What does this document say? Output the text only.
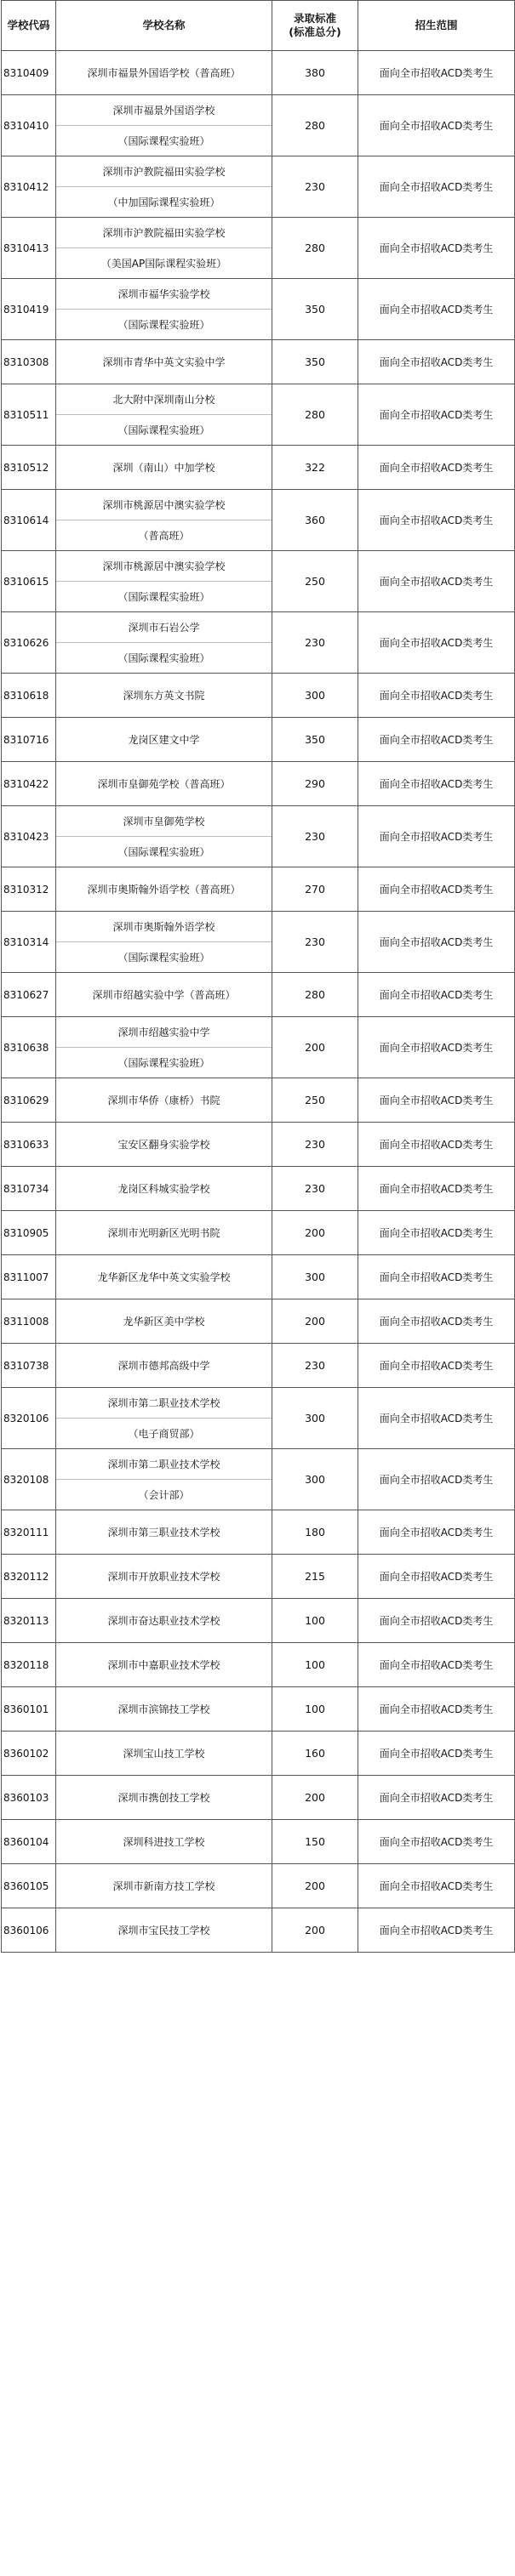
学校代码	学校名称	录取标准
(标准总分)	招生范围
8310409	深圳市福景外国语学校（普高班）	380	面向全市招收ACD类考生
8310410	深圳市福景外国语学校
（国际课程实验班）	280	面向全市招收ACD类考生
8310412	深圳市沪教院福田实验学校
（中加国际课程实验班）	230	面向全市招收ACD类考生
8310413	深圳市沪教院福田实验学校
（美国AP国际课程实验班）	280	面向全市招收ACD类考生
8310419	深圳市福华实验学校
（国际课程实验班）	350	面向全市招收ACD类考生
8310308	深圳市青华中英文实验中学	350	面向全市招收ACD类考生
8310511	北大附中深圳南山分校
（国际课程实验班）	280	面向全市招收ACD类考生
8310512	深圳（南山）中加学校	322	面向全市招收ACD类考生
8310614	深圳市桃源居中澳实验学校
（普高班）	360	面向全市招收ACD类考生
8310615	深圳市桃源居中澳实验学校
（国际课程实验班）	250	面向全市招收ACD类考生
8310626	深圳市石岩公学
（国际课程实验班）	230	面向全市招收ACD类考生
8310618	深圳东方英文书院	300	面向全市招收ACD类考生
8310716	龙岗区建文中学	350	面向全市招收ACD类考生
8310422	深圳市皇御苑学校（普高班）	290	面向全市招收ACD类考生
8310423	深圳市皇御苑学校
（国际课程实验班）	230	面向全市招收ACD类考生
8310312	深圳市奥斯翰外语学校（普高班）	270	面向全市招收ACD类考生
8310314	深圳市奥斯翰外语学校
（国际课程实验班）	230	面向全市招收ACD类考生
8310627	深圳市绍越实验中学（普高班）	280	面向全市招收ACD类考生
8310638	深圳市绍越实验中学
（国际课程实验班）	200	面向全市招收ACD类考生
8310629	深圳市华侨（康桥）书院	250	面向全市招收ACD类考生
8310633	宝安区翻身实验学校	230	面向全市招收ACD类考生
8310734	龙岗区科城实验学校	230	面向全市招收ACD类考生
8310905	深圳市光明新区光明书院	200	面向全市招收ACD类考生
8311007	龙华新区龙华中英文实验学校	300	面向全市招收ACD类考生
8311008	龙华新区美中学校	200	面向全市招收ACD类考生
8310738	深圳市德邦高级中学	230	面向全市招收ACD类考生
8320106	深圳市第二职业技术学校
（电子商贸部）	300	面向全市招收ACD类考生
8320108	深圳市第二职业技术学校
（会计部）	300	面向全市招收ACD类考生
8320111	深圳市第三职业技术学校	180	面向全市招收ACD类考生
8320112	深圳市开放职业技术学校	215	面向全市招收ACD类考生
8320113	深圳市奋达职业技术学校	100	面向全市招收ACD类考生
8320118	深圳市中嘉职业技术学校	100	面向全市招收ACD类考生
8360101	深圳市滨锦技工学校	100	面向全市招收ACD类考生
8360102	深圳宝山技工学校	160	面向全市招收ACD类考生
8360103	深圳市携创技工学校	200	面向全市招收ACD类考生
8360104	深圳科进技工学校	150	面向全市招收ACD类考生
8360105	深圳市新南方技工学校	200	面向全市招收ACD类考生
8360106	深圳市宝民技工学校	200	面向全市招收ACD类考生
